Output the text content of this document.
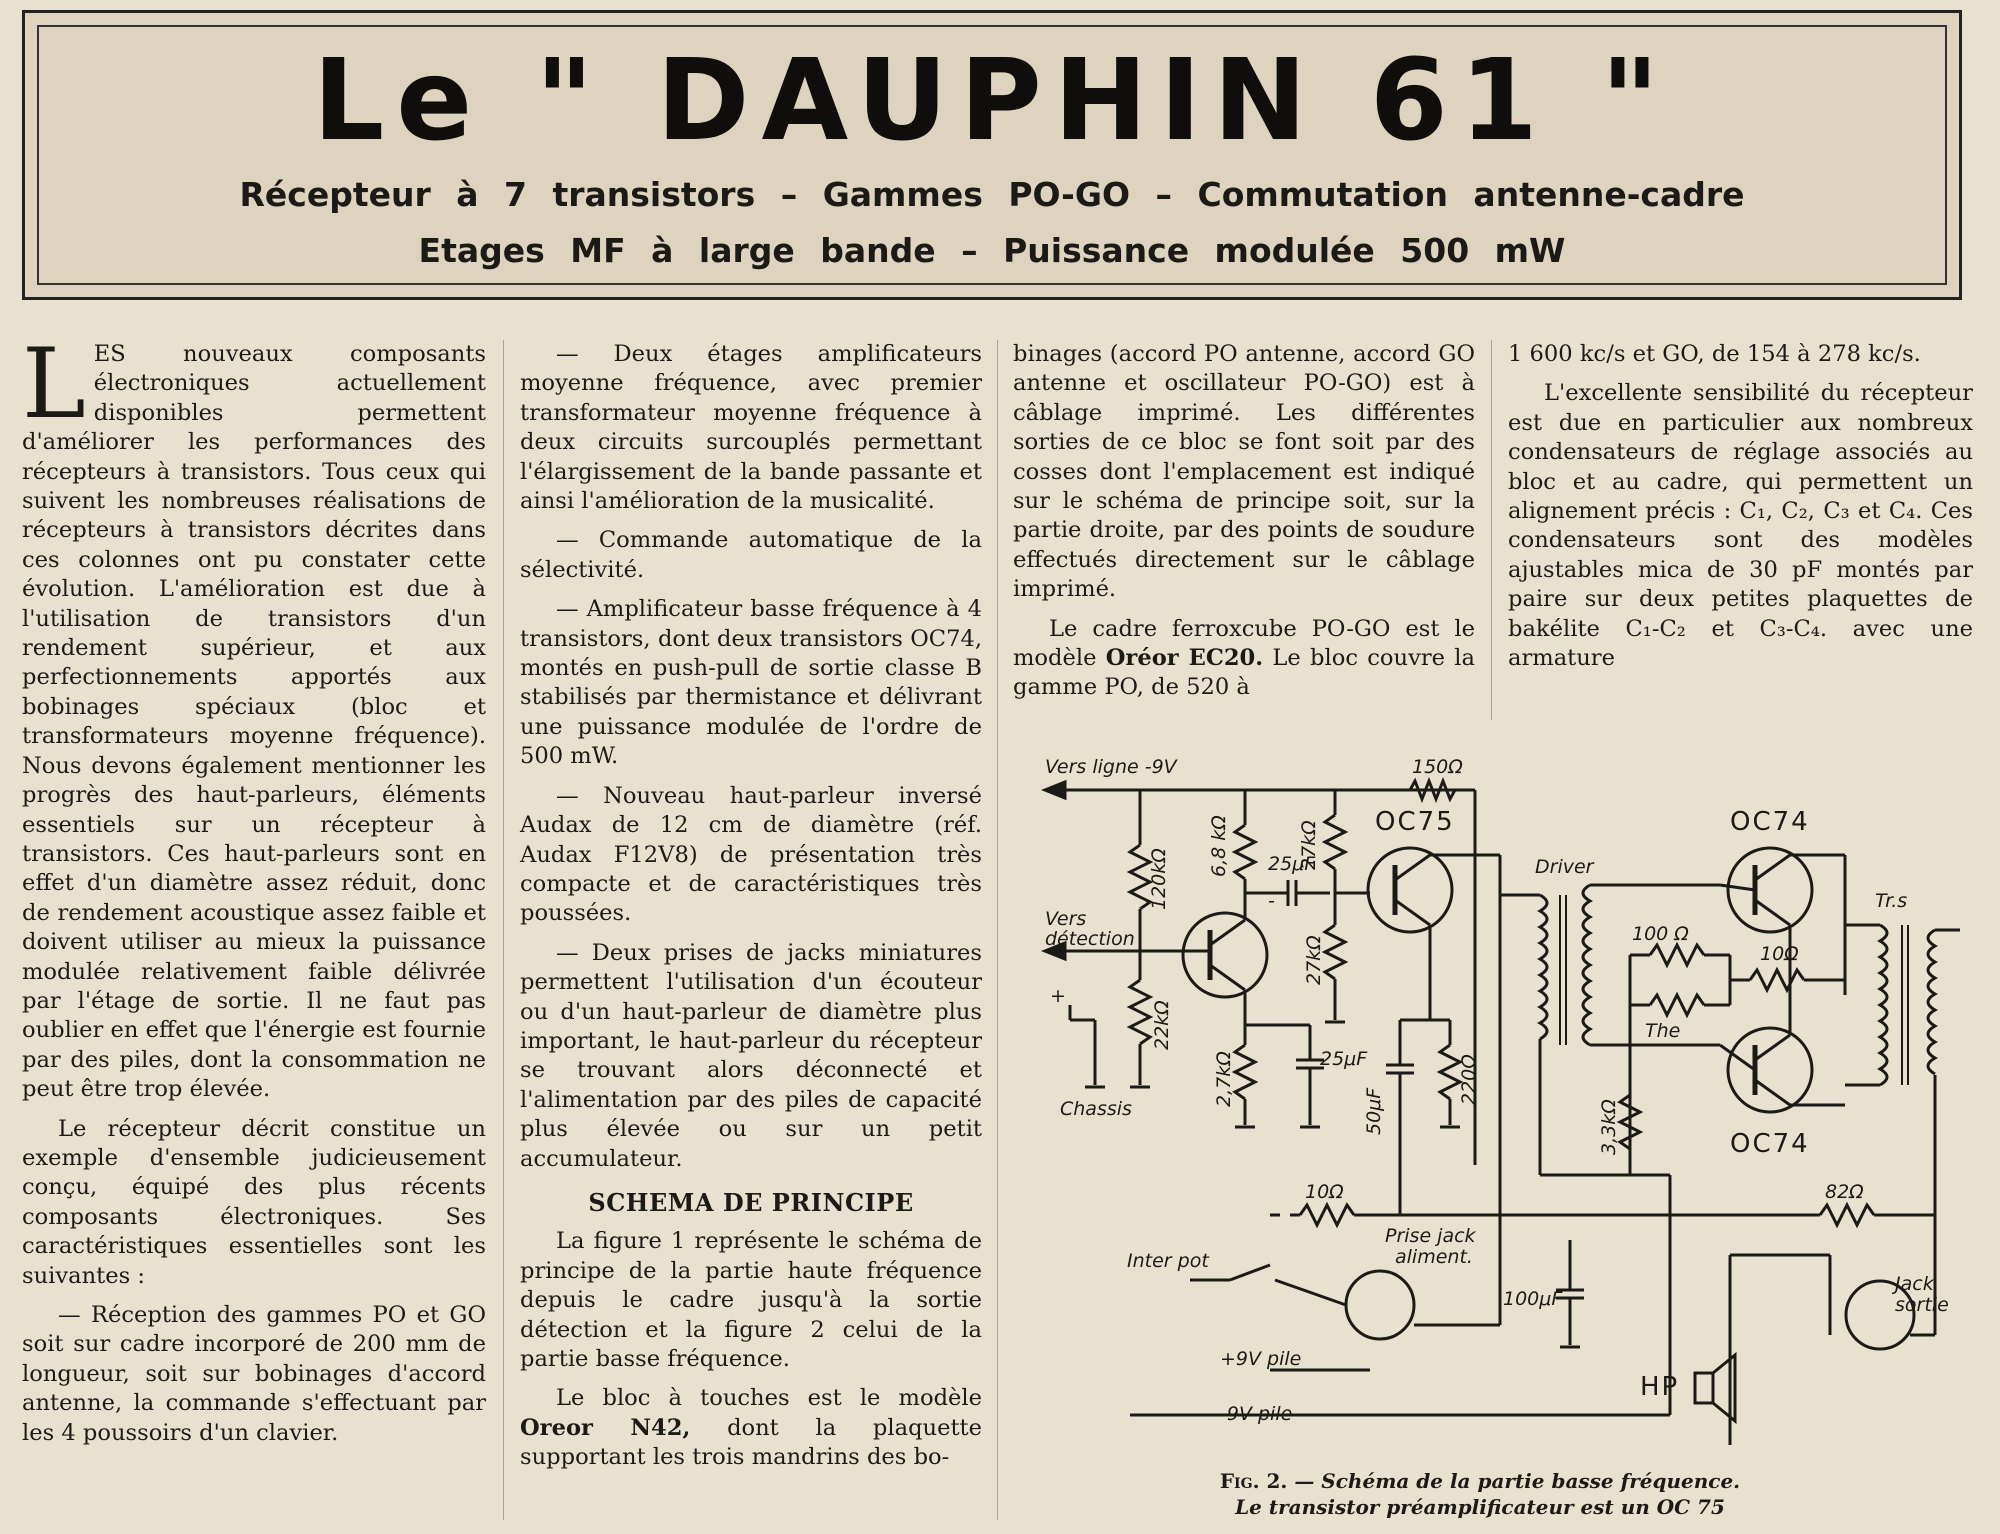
Le " DAUPHIN 61 "
Récepteur à 7 transistors – Gammes PO-GO – Commutation antenne-cadre
Etages MF à large bande – Puissance modulée 500 mW

LES nouveaux composants électroniques actuellement disponibles permettent d'améliorer les performances des récepteurs à transistors. Tous ceux qui suivent les nombreuses réalisations de récepteurs à transistors décrites dans ces colonnes ont pu constater cette évolution. L'amélioration est due à l'utilisation de transistors d'un rendement supérieur, et aux perfectionnements apportés aux bobinages spéciaux (bloc et transformateurs moyenne fréquence). Nous devons également mentionner les progrès des haut-parleurs, éléments essentiels sur un récepteur à transistors. Ces haut-parleurs sont en effet d'un diamètre assez réduit, donc de rendement acoustique assez faible et doivent utiliser au mieux la puissance modulée relativement faible délivrée par l'étage de sortie. Il ne faut pas oublier en effet que l'énergie est fournie par des piles, dont la consommation ne peut être trop élevée.

Le récepteur décrit constitue un exemple d'ensemble judicieusement conçu, équipé des plus récents composants électroniques. Ses caractéristiques essentielles sont les suivantes :

— Réception des gammes PO et GO soit sur cadre incorporé de 200 mm de longueur, soit sur bobinages d'accord antenne, la commande s'effectuant par les 4 poussoirs d'un clavier.

— Deux étages amplificateurs moyenne fréquence, avec premier transformateur moyenne fréquence à deux circuits surcouplés permettant l'élargissement de la bande passante et ainsi l'amélioration de la musicalité.

— Commande automatique de la sélectivité.

— Amplificateur basse fréquence à 4 transistors, dont deux transistors OC74, montés en push-pull de sortie classe B stabilisés par thermistance et délivrant une puissance modulée de l'ordre de 500 mW.

— Nouveau haut-parleur inversé Audax de 12 cm de diamètre (réf. Audax F12V8) de présentation très compacte et de caractéristiques très poussées.

— Deux prises de jacks miniatures permettent l'utilisation d'un écouteur ou d'un haut-parleur de diamètre plus important, le haut-parleur du récepteur se trouvant alors déconnecté et l'alimentation par des piles de capacité plus élevée ou sur un petit accumulateur.

SCHEMA DE PRINCIPE

La figure 1 représente le schéma de principe de la partie haute fréquence depuis le cadre jusqu'à la sortie détection et la figure 2 celui de la partie basse fréquence.

Le bloc à touches est le modèle Oreor N42, dont la plaquette supportant les trois mandrins des bo-

binages (accord PO antenne, accord GO antenne et oscillateur PO-GO) est à câblage imprimé. Les différentes sorties de ce bloc se font soit par des cosses dont l'emplacement est indiqué sur le schéma de principe soit, sur la partie droite, par des points de soudure effectués directement sur le câblage imprimé.

Le cadre ferroxcube PO-GO est le modèle Oréor EC20. Le bloc couvre la gamme PO, de 520 à

1 600 kc/s et GO, de 154 à 278 kc/s.

L'excellente sensibilité du récepteur est due en particulier aux nombreux condensateurs de réglage associés au bloc et au cadre, qui permettent un alignement précis : C₁, C₂, C₃ et C₄. Ces condensateurs sont des modèles ajustables mica de 30 pF montés par paire sur deux petites plaquettes de bakélite C₁-C₂ et C₃-C₄. avec une armature

Vers ligne -9V	150Ω
6,8 kΩ	27kΩ
25μF
OC75
Driver
OC74
Tr.s
Vers
détection
120kΩ
100 Ω
10Ω
The
27kΩ
22kΩ
2,7kΩ	25μF
50μF
220Ω
3,3kΩ	OC74
Chassis
10Ω	82Ω
Prise jack
aliment.
Inter pot
100μF
Jack
sortie
+9V pile
-9V pile
HP
+
-
Fig. 2. — Schéma de la partie basse fréquence.
Le transistor préamplificateur est un OC 75
